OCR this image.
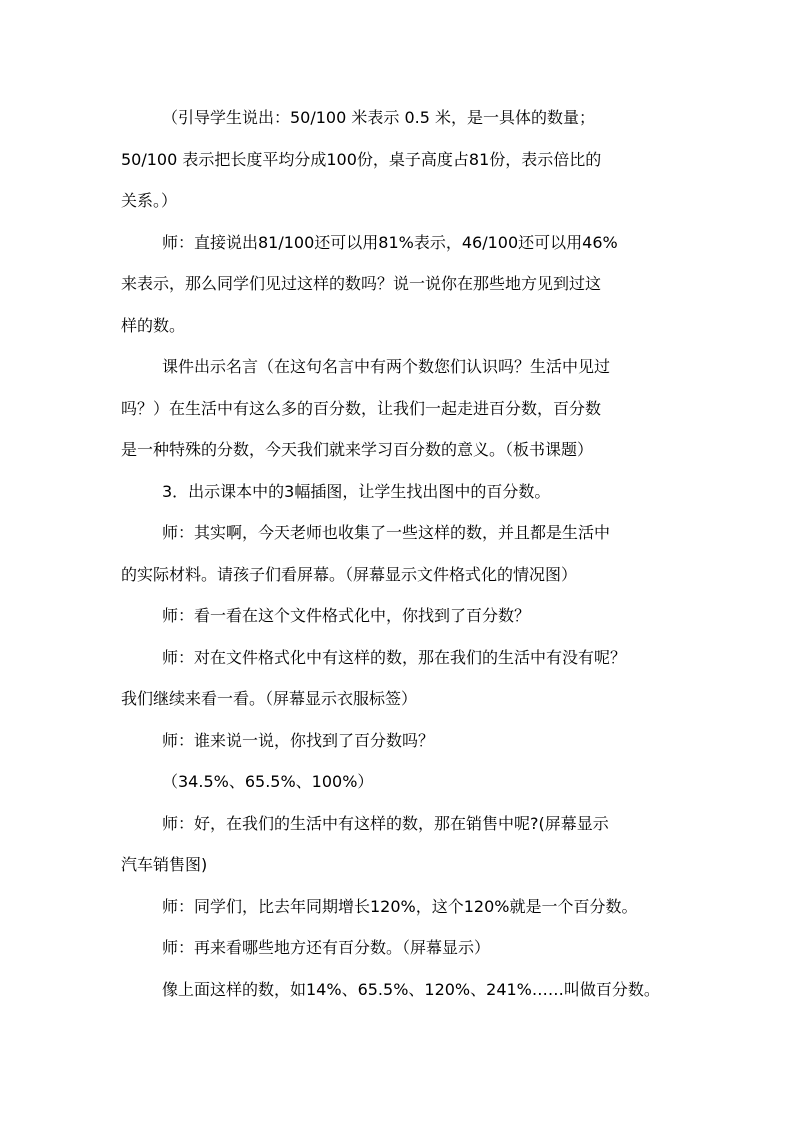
（引导学生说出：50/100 米表示 0.5 米，是一具体的数量；
50/100 表示把长度平均分成100份，桌子高度占81份，表示倍比的
关系。）
师：直接说出81/100还可以用81%表示，46/100还可以用46%
来表示，那么同学们见过这样的数吗？说一说你在那些地方见到过这
样的数。
课件出示名言（在这句名言中有两个数您们认识吗？生活中见过
吗？）在生活中有这么多的百分数，让我们一起走进百分数，百分数
是一种特殊的分数，今天我们就来学习百分数的意义。（板书课题）
3．出示课本中的3幅插图，让学生找出图中的百分数。
师：其实啊，今天老师也收集了一些这样的数，并且都是生活中
的实际材料。请孩子们看屏幕。（屏幕显示文件格式化的情况图）
师：看一看在这个文件格式化中，你找到了百分数？
师：对在文件格式化中有这样的数，那在我们的生活中有没有呢？
我们继续来看一看。（屏幕显示衣服标签）
师：谁来说一说，你找到了百分数吗？
（34.5%、65.5%、100%）
师：好，在我们的生活中有这样的数，那在销售中呢?(屏幕显示
汽车销售图)
师：同学们，比去年同期增长120%，这个120%就是一个百分数。
师：再来看哪些地方还有百分数。（屏幕显示）
像上面这样的数，如14%、65.5%、120%、241%……叫做百分数。
